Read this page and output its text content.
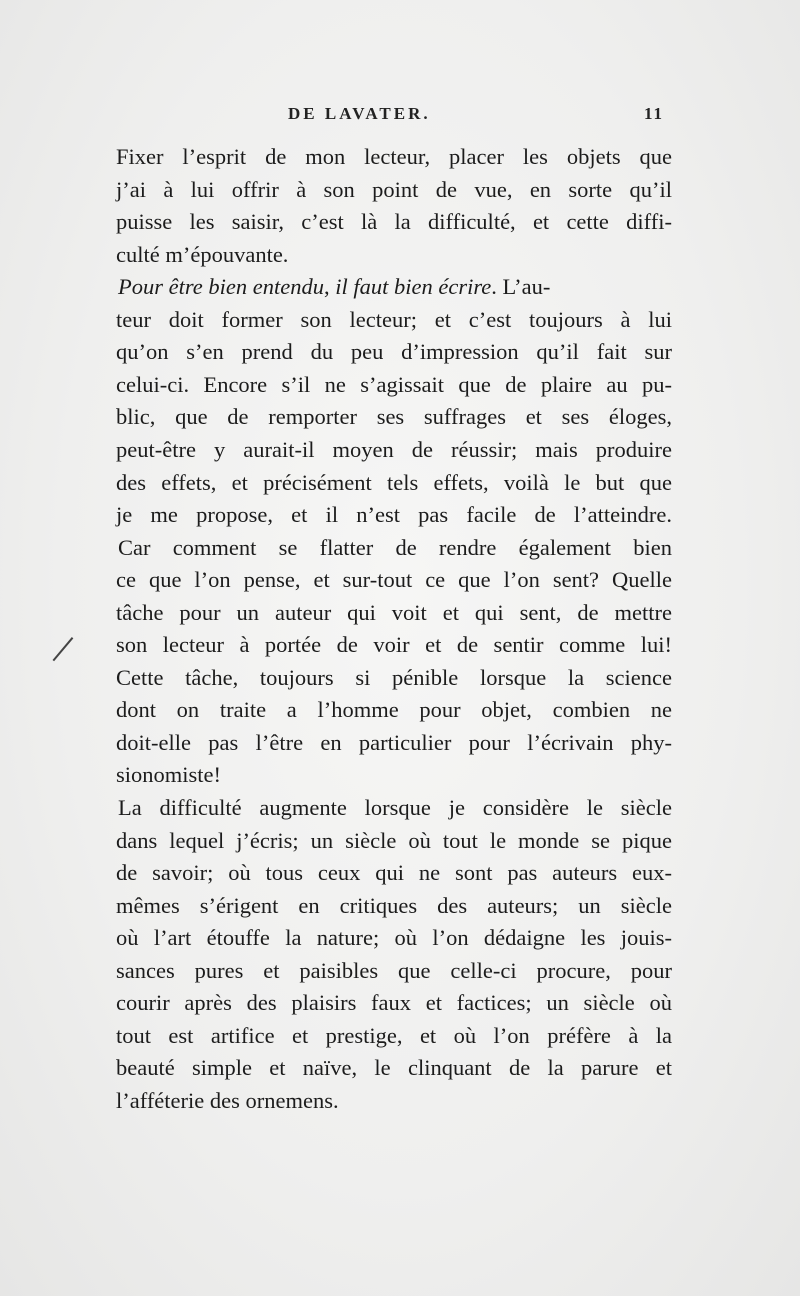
DE LAVATER.	11
Fixer l’esprit de mon lecteur, placer les objets que
j’ai à lui offrir à son point de vue, en sorte qu’il
puisse les saisir, c’est là la difficulté, et cette diffi-
culté m’épouvante.
Pour être bien entendu, il faut bien écrire. L’au-
teur doit former son lecteur; et c’est toujours à lui
qu’on s’en prend du peu d’impression qu’il fait sur
celui-ci. Encore s’il ne s’agissait que de plaire au pu-
blic, que de remporter ses suffrages et ses éloges,
peut-être y aurait-il moyen de réussir; mais produire
des effets, et précisément tels effets, voilà le but que
je me propose, et il n’est pas facile de l’atteindre.
Car comment se flatter de rendre également bien
ce que l’on pense, et sur-tout ce que l’on sent? Quelle
tâche pour un auteur qui voit et qui sent, de mettre
son lecteur à portée de voir et de sentir comme lui!
Cette tâche, toujours si pénible lorsque la science
dont on traite a l’homme pour objet, combien ne
doit-elle pas l’être en particulier pour l’écrivain phy-
sionomiste!
La difficulté augmente lorsque je considère le siècle
dans lequel j’écris; un siècle où tout le monde se pique
de savoir; où tous ceux qui ne sont pas auteurs eux-
mêmes s’érigent en critiques des auteurs; un siècle
où l’art étouffe la nature; où l’on dédaigne les jouis-
sances pures et paisibles que celle-ci procure, pour
courir après des plaisirs faux et factices; un siècle où
tout est artifice et prestige, et où l’on préfère à la
beauté simple et naïve, le clinquant de la parure et
l’afféterie des ornemens.
